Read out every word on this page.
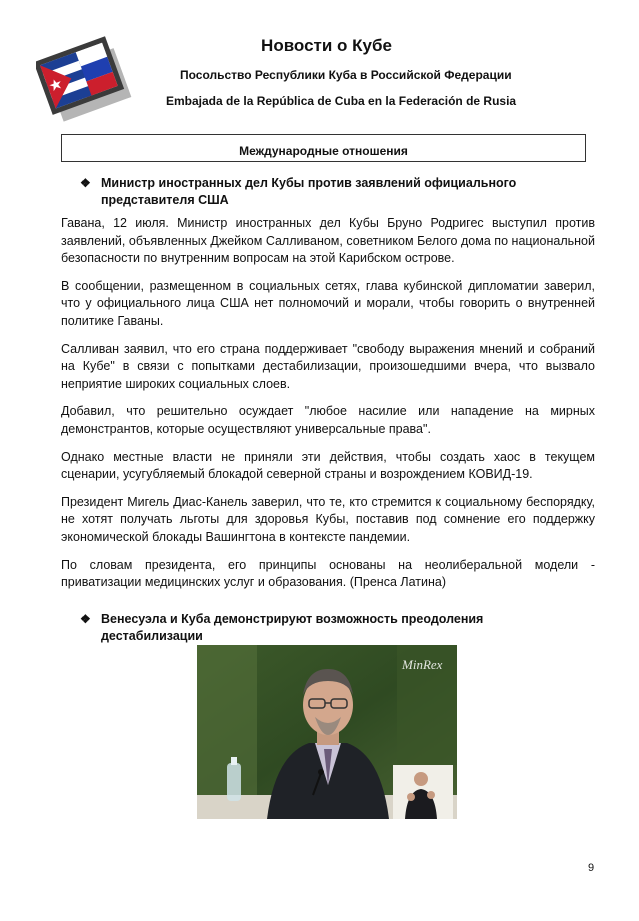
Новости о Кубе
Посольство Республики Куба в Российской Федерации
Embajada de la República de Cuba en la Federación de Rusia
Международные отношения
❖ Министр иностранных дел Кубы против заявлений официального представителя США

Гавана, 12 июля. Министр иностранных дел Кубы Бруно Родригес выступил против заявлений, объявленных Джейком Салливаном, советником Белого дома по национальной безопасности по внутренним вопросам на этой Карибском острове.

В сообщении, размещенном в социальных сетях, глава кубинской дипломатии заверил, что у официального лица США нет полномочий и морали, чтобы говорить о внутренней политике Гаваны.

Салливан заявил, что его страна поддерживает "свободу выражения мнений и собраний на Кубе" в связи с попытками дестабилизации, произошедшими вчера, что вызвало неприятие широких социальных слоев.

Добавил, что решительно осуждает "любое насилие или нападение на мирных демонстрантов, которые осуществляют универсальные права".

Однако местные власти не приняли эти действия, чтобы создать хаос в текущем сценарии, усугубляемый блокадой северной страны и возрождением КОВИД-19.

Президент Мигель Диас-Канель заверил, что те, кто стремится к социальному беспорядку, не хотят получать льготы для здоровья Кубы, поставив под сомнение его поддержку экономической блокады Вашингтона в контексте пандемии.

По словам президента, его принципы основаны на неолиберальной модели - приватизации медицинских услуг и образования. (Пренса Латина)

❖ Венесуэла и Куба демонстрируют возможность преодоления дестабилизации
MinRex
9
